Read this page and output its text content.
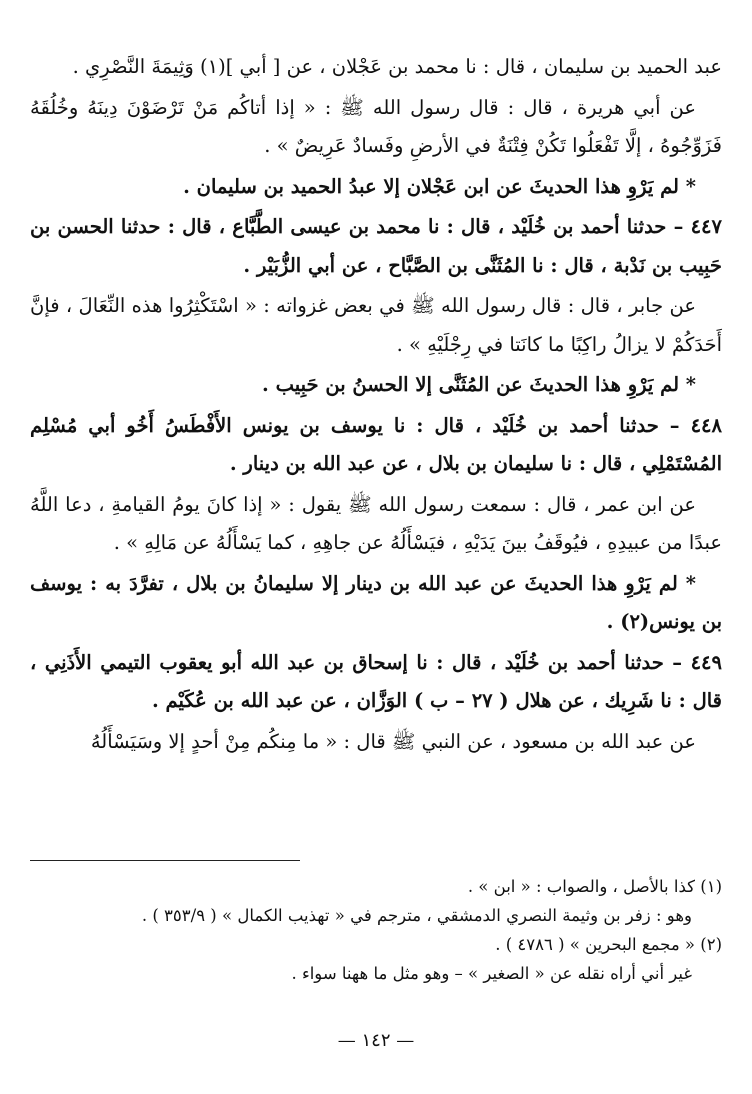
عبد الحميد بن سليمان ، قال : نا محمد بن عَجْلان ، عن [ أبي ](١) وَثِيمَةَ النَّصْرِي .

عن أبي هريرة ، قال : قال رسول الله ﷺ : « إذا أتاكُم مَنْ تَرْضَوْنَ دِينَهُ وخُلُقَهُ فَزَوِّجُوهُ ، إلَّا تَفْعَلُوا تَكُنْ فِتْنَةٌ في الأرضِ وفَسادٌ عَرِيضٌ » .

* لم يَرْوِ هذا الحديثَ عن ابن عَجْلان إلا عبدُ الحميد بن سليمان .

٤٤٧ – حدثنا أحمد بن خُلَيْد ، قال : نا محمد بن عيسى الطَّبَّاع ، قال : حدثنا الحسن بن حَبِيب بن نَدْبة ، قال : نا المُثَنَّى بن الصَّبَّاح ، عن أبي الزُّبَيْر .

عن جابر ، قال : قال رسول الله ﷺ في بعض غزواته : « اسْتَكْثِرُوا هذه النِّعَالَ ، فإنَّ أَحَدَكُمْ لا يزالُ راكِبًا ما كانَتا في رِجْلَيْهِ » .

* لم يَرْوِ هذا الحديثَ عن المُثَنَّى إلا الحسنُ بن حَبِيب .

٤٤٨ – حدثنا أحمد بن خُلَيْد ، قال : نا يوسف بن يونس الأَفْطَسُ أَخُو أبي مُسْلِم المُسْتَمْلِي ، قال : نا سليمان بن بلال ، عن عبد الله بن دينار .

عن ابن عمر ، قال : سمعت رسول الله ﷺ يقول : « إذا كانَ يومُ القيامةِ ، دعا اللَّهُ عبدًا من عبيدِهِ ، فيُوقَفُ بينَ يَدَيْهِ ، فيَسْأَلُهُ عن جاهِهِ ، كما يَسْأَلُهُ عن مَالِهِ » .

* لم يَرْوِ هذا الحديثَ عن عبد الله بن دينار إلا سليمانُ بن بلال ، تفرَّدَ به : يوسف بن يونس(٢) .

٤٤٩ – حدثنا أحمد بن خُلَيْد ، قال : نا إسحاق بن عبد الله أبو يعقوب التيمي الأَذَنِي ، قال : نا شَرِيك ، عن هلال ( ٢٧ – ب ) الوَزَّان ، عن عبد الله بن عُكَيْم .

عن عبد الله بن مسعود ، عن النبي ﷺ قال : « ما مِنكُم مِنْ أحدٍ إلا وسَيَسْأَلُهُ

(١) كذا بالأصل ، والصواب : « ابن » .

وهو : زفر بن وثيمة النصري الدمشقي ، مترجم في « تهذيب الكمال » ( ٣٥٣/٩ ) .

(٢) « مجمع البحرين » ( ٤٧٨٦ ) .

غير أني أراه نقله عن « الصغير » – وهو مثل ما ههنا سواء .

— ١٤٢ —
